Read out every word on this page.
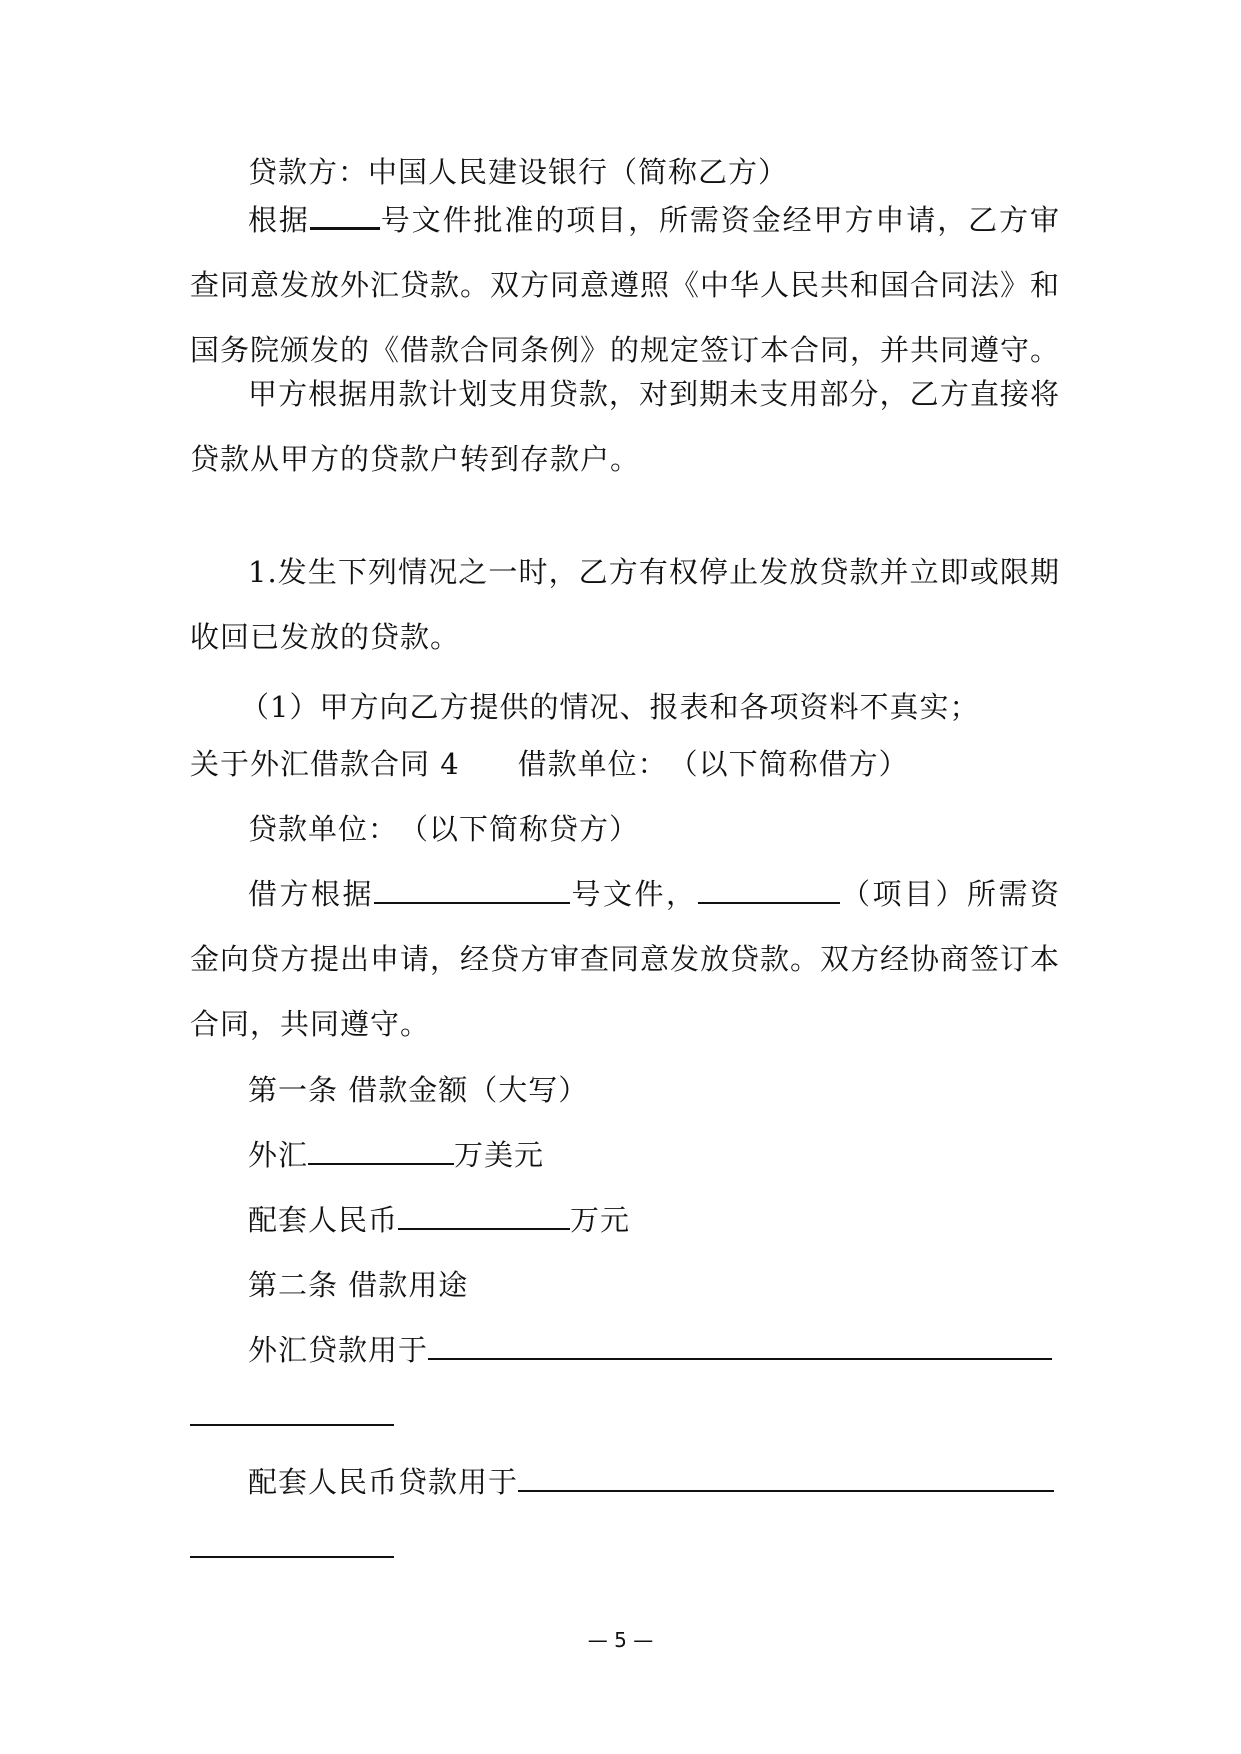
贷款方：中国人民建设银行（简称乙方）

根据 号文件批准的项目，所需资金经甲方申请，乙方审查同意发放外汇贷款。双方同意遵照《中华人民共和国合同法》和国务院颁发的《借款合同条例》的规定签订本合同，并共同遵守。

甲方根据用款计划支用贷款，对到期未支用部分，乙方直接将贷款从甲方的贷款户转到存款户。

1.发生下列情况之一时，乙方有权停止发放贷款并立即或限期收回已发放的贷款。

（1）甲方向乙方提供的情况、报表和各项资料不真实；

关于外汇借款合同 4 借款单位：　（以下简称借方）

贷款单位：　（以下简称贷方）

借方根据	号文件，	（项目）所需资金向贷方提出申请，经贷方审查同意发放贷款。双方经协商签订本合同，共同遵守。

第一条 借款金额（大写）

外汇	万美元

配套人民币	万元

第二条 借款用途

外汇贷款用于

配套人民币贷款用于

— 5 —
